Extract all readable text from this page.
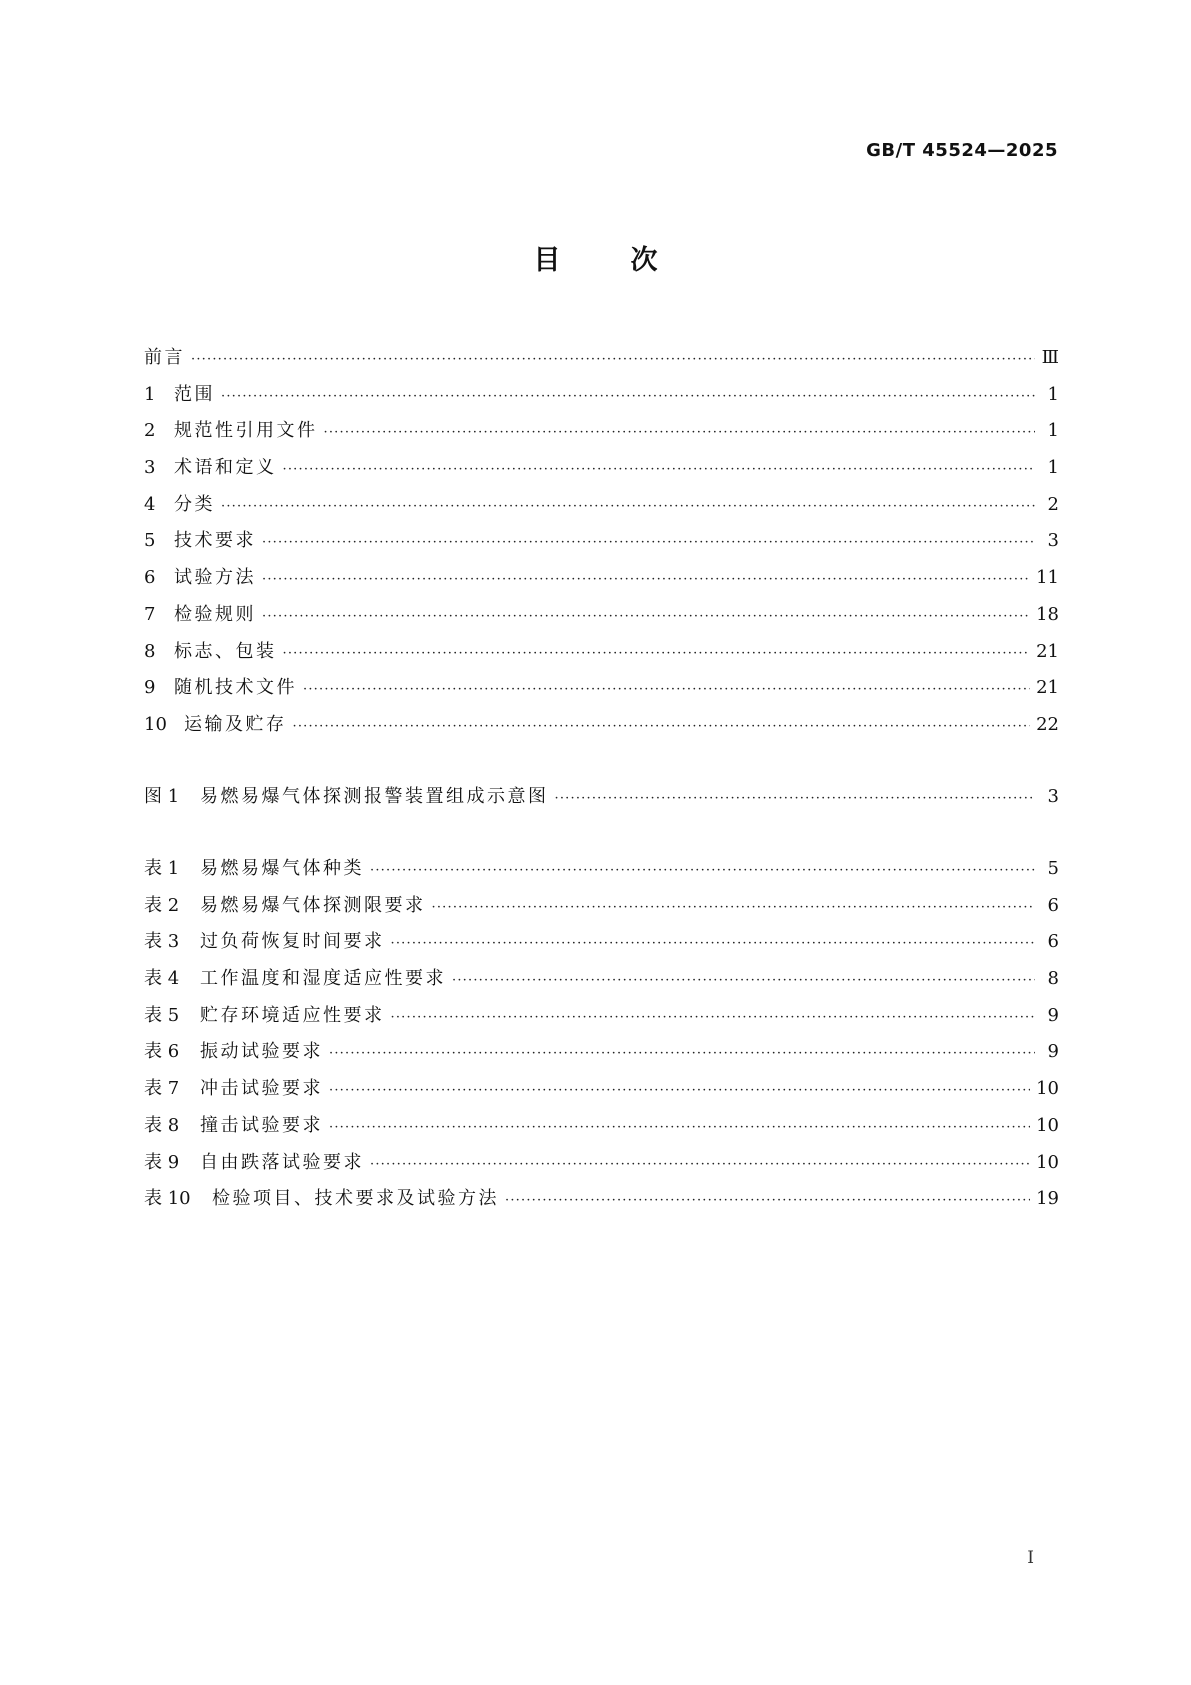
GB/T 45524—2025
目次
前言 ·····	Ⅲ
1	范围 ·····	1
2	规范性引用文件 ·····	1
3	术语和定义 ·····	1
4	分类 ·····	2
5	技术要求 ·····	3
6	试验方法 ·····	11
7	检验规则 ·····	18
8	标志、包装 ·····	21
9	随机技术文件 ·····	21
10 运输及贮存 ·····	22
图 1	易燃易爆气体探测报警装置组成示意图 ·····	3
表 1	易燃易爆气体种类 ·····	5
表 2	易燃易爆气体探测限要求 ·····	6
表 3	过负荷恢复时间要求 ·····	6
表 4	工作温度和湿度适应性要求 ·····	8
表 5	贮存环境适应性要求 ·····	9
表 6	振动试验要求 ·····	9
表 7	冲击试验要求 ·····	10
表 8	撞击试验要求 ·····	10
表 9	自由跌落试验要求 ·····	10
表 10	检验项目、技术要求及试验方法 ·····	19
I
